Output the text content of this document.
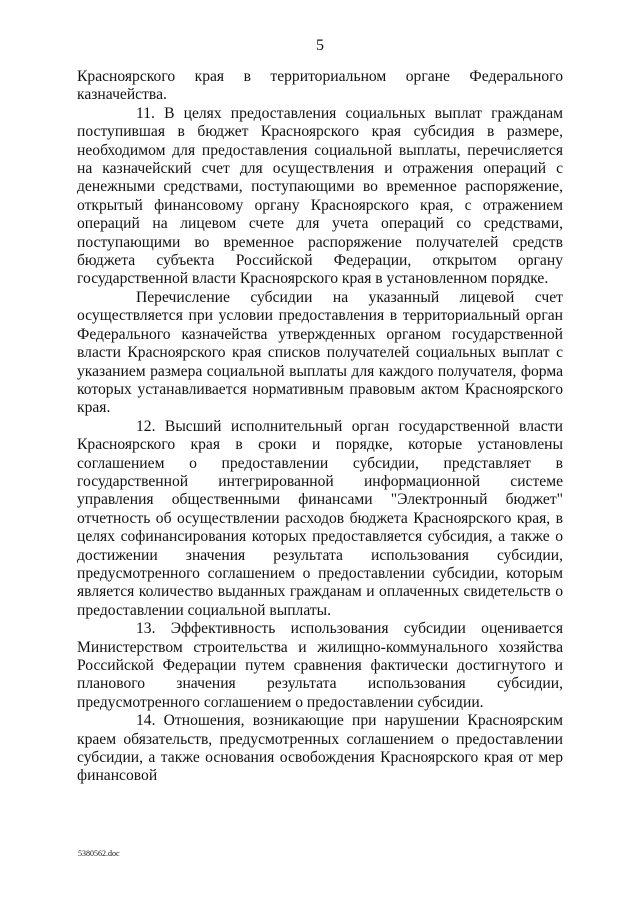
5

Красноярского края в территориальном органе Федерального казначейства.

11. В целях предоставления социальных выплат гражданам поступившая в бюджет Красноярского края субсидия в размере, необходимом для предоставления социальной выплаты, перечисляется на казначейский счет для осуществления и отражения операций с денежными средствами, поступающими во временное распоряжение, открытый финансовому органу Красноярского края, с отражением операций на лицевом счете для учета операций со средствами, поступающими во временное распоряжение получателей средств бюджета субъекта Российской Федерации, открытом органу государственной власти Красноярского края в установленном порядке.

Перечисление субсидии на указанный лицевой счет осуществляется при условии предоставления в территориальный орган Федерального казначейства утвержденных органом государственной власти Красноярского края списков получателей социальных выплат с указанием размера социальной выплаты для каждого получателя, форма которых устанавливается нормативным правовым актом Красноярского края.

12. Высший исполнительный орган государственной власти Красноярского края в сроки и порядке, которые установлены соглашением о предоставлении субсидии, представляет в государственной интегрированной информационной системе управления общественными финансами "Электронный бюджет" отчетность об осуществлении расходов бюджета Красноярского края, в целях софинансирования которых предоставляется субсидия, а также о достижении значения результата использования субсидии, предусмотренного соглашением о предоставлении субсидии, которым является количество выданных гражданам и оплаченных свидетельств о предоставлении социальной выплаты.

13. Эффективность использования субсидии оценивается Министерством строительства и жилищно-коммунального хозяйства Российской Федерации путем сравнения фактически достигнутого и планового значения результата использования субсидии, предусмотренного соглашением о предоставлении субсидии.

14. Отношения, возникающие при нарушении Красноярским краем обязательств, предусмотренных соглашением о предоставлении субсидии, а также основания освобождения Красноярского края от мер финансовой

5380562.doc
